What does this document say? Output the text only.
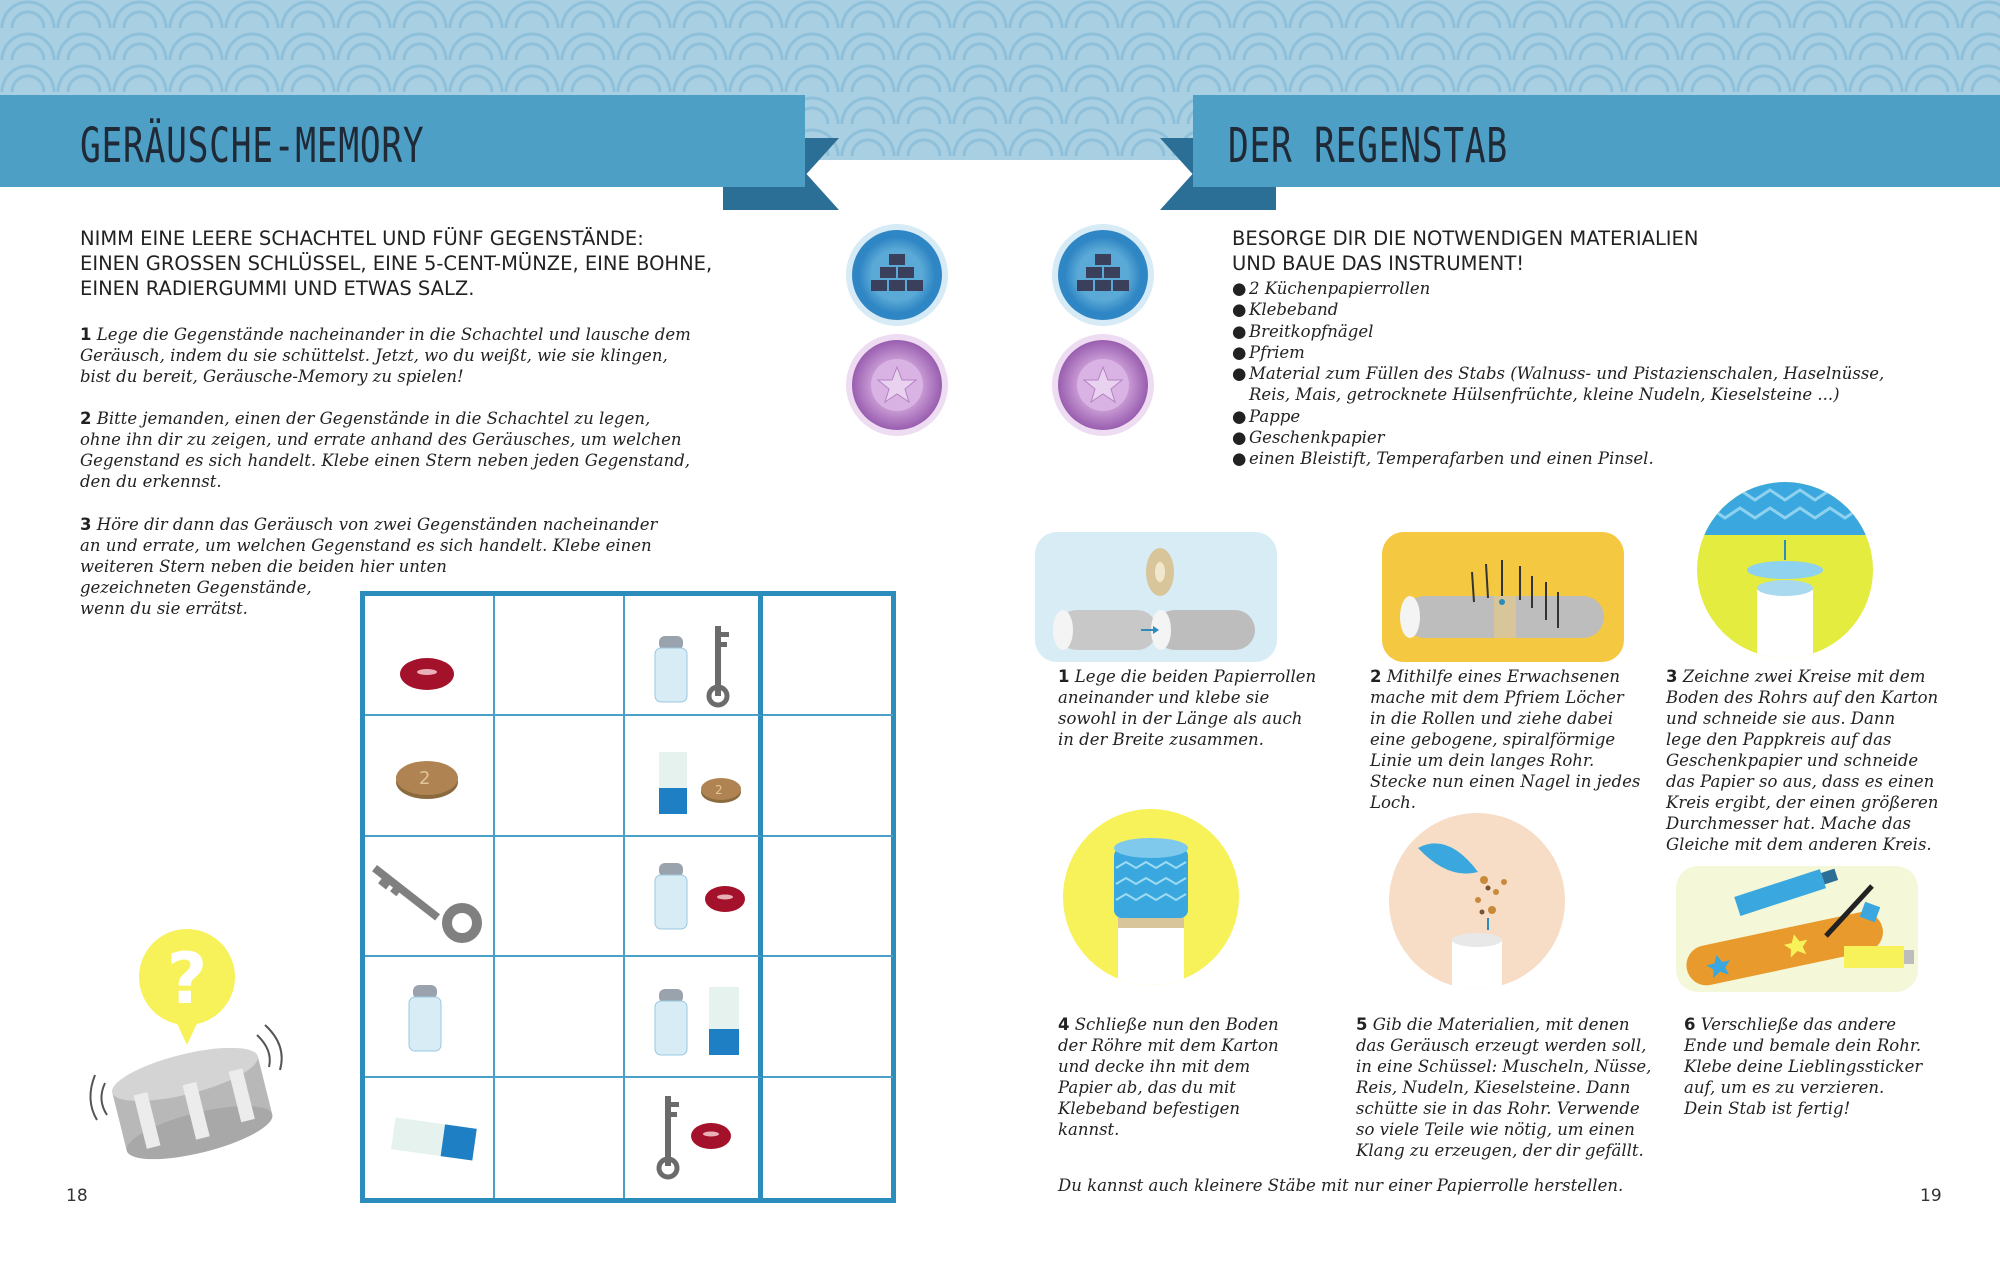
GERÄUSCHE-MEMORY	DER REGENSTAB
NIMM EINE LEERE SCHACHTEL UND FÜNF GEGENSTÄNDE:
EINEN GROSSEN SCHLÜSSEL, EINE 5-CENT-MÜNZE, EINE BOHNE,
EINEN RADIERGUMMI UND ETWAS SALZ.
1 Lege die Gegenstände nacheinander in die Schachtel und lausche dem
Geräusch, indem du sie schüttelst. Jetzt, wo du weißt, wie sie klingen,
bist du bereit, Geräusche-Memory zu spielen!
2 Bitte jemanden, einen der Gegenstände in die Schachtel zu legen,
ohne ihn dir zu zeigen, und errate anhand des Geräusches, um welchen
Gegenstand es sich handelt. Klebe einen Stern neben jeden Gegenstand,
den du erkennst.
3 Höre dir dann das Geräusch von zwei Gegenständen nacheinander
an und errate, um welchen Gegenstand es sich handelt. Klebe einen
weiteren Stern neben die beiden hier unten
gezeichneten Gegenstände,
wenn du sie errätst.
2
2
?
18
BESORGE DIR DIE NOTWENDIGEN MATERIALIEN
UND BAUE DAS INSTRUMENT!
● 2 Küchenpapierrollen
● Klebeband
● Breitkopfnägel
● Pfriem
● Material zum Füllen des Stabs (Walnuss- und Pistazienschalen, Haselnüsse,
Reis, Mais, getrocknete Hülsenfrüchte, kleine Nudeln, Kieselsteine ...)
● Pappe
● Geschenkpapier
● einen Bleistift, Temperafarben und einen Pinsel.
1 Lege die beiden Papierrollen
aneinander und klebe sie
sowohl in der Länge als auch
in der Breite zusammen.
2 Mithilfe eines Erwachsenen
mache mit dem Pfriem Löcher
in die Rollen und ziehe dabei
eine gebogene, spiralförmige
Linie um dein langes Rohr.
Stecke nun einen Nagel in jedes
Loch.
3 Zeichne zwei Kreise mit dem
Boden des Rohrs auf den Karton
und schneide sie aus. Dann
lege den Pappkreis auf das
Geschenkpapier und schneide
das Papier so aus, dass es einen
Kreis ergibt, der einen größeren
Durchmesser hat. Mache das
Gleiche mit dem anderen Kreis.
4 Schließe nun den Boden
der Röhre mit dem Karton
und decke ihn mit dem
Papier ab, das du mit
Klebeband befestigen
kannst.
5 Gib die Materialien, mit denen
das Geräusch erzeugt werden soll,
in eine Schüssel: Muscheln, Nüsse,
Reis, Nudeln, Kieselsteine. Dann
schütte sie in das Rohr. Verwende
so viele Teile wie nötig, um einen
Klang zu erzeugen, der dir gefällt.
6 Verschließe das andere
Ende und bemale dein Rohr.
Klebe deine Lieblingssticker
auf, um es zu verzieren.
Dein Stab ist fertig!
Du kannst auch kleinere Stäbe mit nur einer Papierrolle herstellen.
19
